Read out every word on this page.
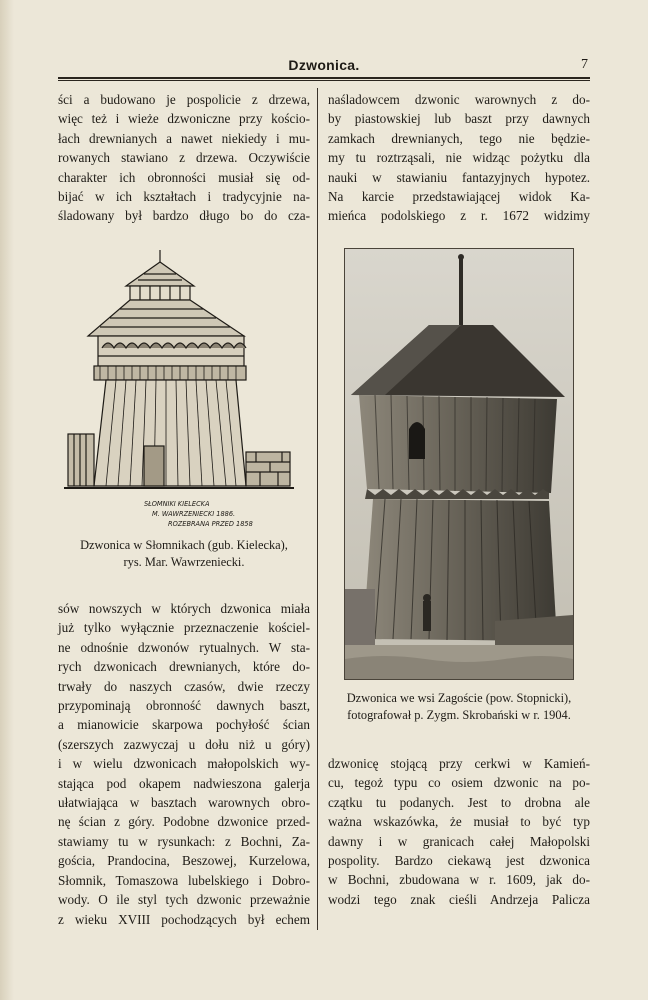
Dzwonica.	7
ści a budowano je pospolicie z drzewa,
więc też i wieże dzwoniczne przy kościo-
łach drewnianych a nawet niekiedy i mu-
rowanych stawiano z drzewa. Oczywiście
charakter ich obronności musiał się od-
bijać w ich kształtach i tradycyjnie na-
śladowany był bardzo długo bo do cza-
naśladowcem dzwonic warownych z do-
by piastowskiej lub baszt przy dawnych
zamkach drewnianych, tego nie będzie-
my tu roztrząsali, nie widząc pożytku dla
nauki w stawianiu fantazyjnych hypotez.
Na karcie przedstawiającej widok Ka-
mieńca podolskiego z r. 1672 widzimy
SŁOMNIKI KIELECKA
M. WAWRZENIECKI 1886.
ROZEBRANA PRZED 1858
Dzwonica w Słomnikach (gub. Kielecka),
rys. Mar. Wawrzeniecki.
Dzwonica we wsi Zagoście (pow. Stopnicki),
fotografował p. Zygm. Skrobański w r. 1904.
sów nowszych w których dzwonica miała
już tylko wyłącznie przeznaczenie kościel-
ne odnośnie dzwonów rytualnych. W sta-
rych dzwonicach drewnianych, które do-
trwały do naszych czasów, dwie rzeczy
przypominają obronność dawnych baszt,
a mianowicie skarpowa pochyłość ścian
(szerszych zazwyczaj u dołu niż u góry)
i w wielu dzwonicach małopolskich wy-
stająca pod okapem nadwieszona galerja
ułatwiająca w basztach warownych obro-
nę ścian z góry. Podobne dzwonice przed-
stawiamy tu w rysunkach: z Bochni, Za-
gościa, Prandocina, Beszowej, Kurzelowa,
Słomnik, Tomaszowa lubelskiego i Dobro-
wody. O ile styl tych dzwonic przeważnie
z wieku XVIII pochodzących był echem
dzwonicę stojącą przy cerkwi w Kamień-
cu, tegoż typu co osiem dzwonic na po-
czątku tu podanych. Jest to drobna ale
ważna wskazówka, że musiał to być typ
dawny i w granicach całej Małopolski
pospolity. Bardzo ciekawą jest dzwonica
w Bochni, zbudowana w r. 1609, jak do-
wodzi tego znak cieśli Andrzeja Palicza
